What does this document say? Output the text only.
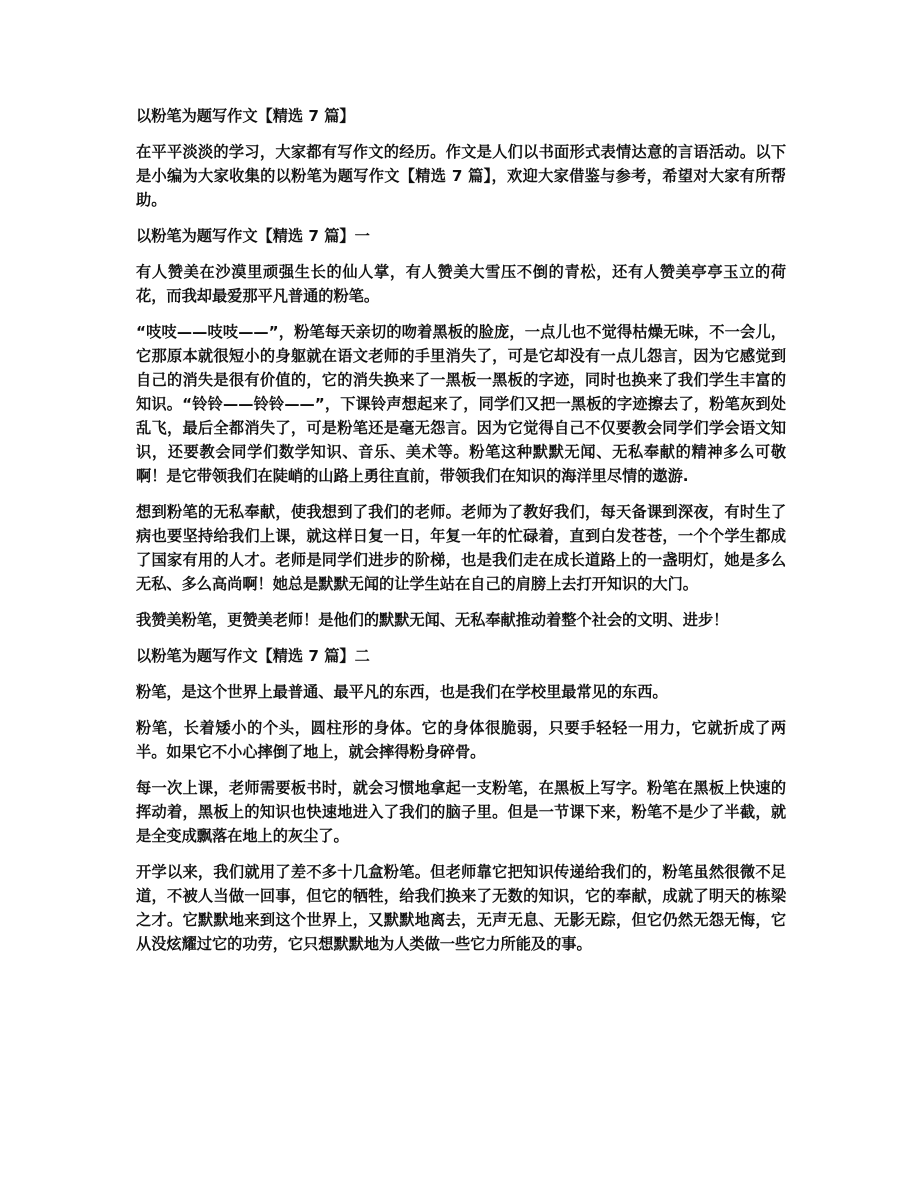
以粉笔为题写作文【精选 7 篇】

在平平淡淡的学习，大家都有写作文的经历。作文是人们以书面形式表情达意的言语活动。以下是小编为大家收集的以粉笔为题写作文【精选 7 篇】，欢迎大家借鉴与参考，希望对大家有所帮助。

以粉笔为题写作文【精选 7 篇】一

有人赞美在沙漠里顽强生长的仙人掌，有人赞美大雪压不倒的青松，还有人赞美亭亭玉立的荷花，而我却最爱那平凡普通的粉笔。

“吱吱——吱吱——”，粉笔每天亲切的吻着黑板的脸庞，一点儿也不觉得枯燥无味，不一会儿，它那原本就很短小的身躯就在语文老师的手里消失了，可是它却没有一点儿怨言，因为它感觉到自己的消失是很有价值的，它的消失换来了一黑板一黑板的字迹，同时也换来了我们学生丰富的知识。“铃铃——铃铃——”，下课铃声想起来了，同学们又把一黑板的字迹擦去了，粉笔灰到处乱飞，最后全都消失了，可是粉笔还是毫无怨言。因为它觉得自己不仅要教会同学们学会语文知识，还要教会同学们数学知识、音乐、美术等。粉笔这种默默无闻、无私奉献的精神多么可敬啊！是它带领我们在陡峭的山路上勇往直前，带领我们在知识的海洋里尽情的遨游.

想到粉笔的无私奉献，使我想到了我们的老师。老师为了教好我们，每天备课到深夜，有时生了病也要坚持给我们上课，就这样日复一日，年复一年的忙碌着，直到白发苍苍，一个个学生都成了国家有用的人才。老师是同学们进步的阶梯，也是我们走在成长道路上的一盏明灯，她是多么无私、多么高尚啊！她总是默默无闻的让学生站在自己的肩膀上去打开知识的大门。

我赞美粉笔，更赞美老师！是他们的默默无闻、无私奉献推动着整个社会的文明、进步！

以粉笔为题写作文【精选 7 篇】二

粉笔，是这个世界上最普通、最平凡的东西，也是我们在学校里最常见的东西。

粉笔，长着矮小的个头，圆柱形的身体。它的身体很脆弱，只要手轻轻一用力，它就折成了两半。如果它不小心摔倒了地上，就会摔得粉身碎骨。

每一次上课，老师需要板书时，就会习惯地拿起一支粉笔，在黑板上写字。粉笔在黑板上快速的挥动着，黑板上的知识也快速地进入了我们的脑子里。但是一节课下来，粉笔不是少了半截，就是全变成飘落在地上的灰尘了。

开学以来，我们就用了差不多十几盒粉笔。但老师靠它把知识传递给我们的，粉笔虽然很微不足道，不被人当做一回事，但它的牺牲，给我们换来了无数的知识，它的奉献，成就了明天的栋梁之才。它默默地来到这个世界上，又默默地离去，无声无息、无影无踪，但它仍然无怨无悔，它从没炫耀过它的功劳，它只想默默地为人类做一些它力所能及的事。
